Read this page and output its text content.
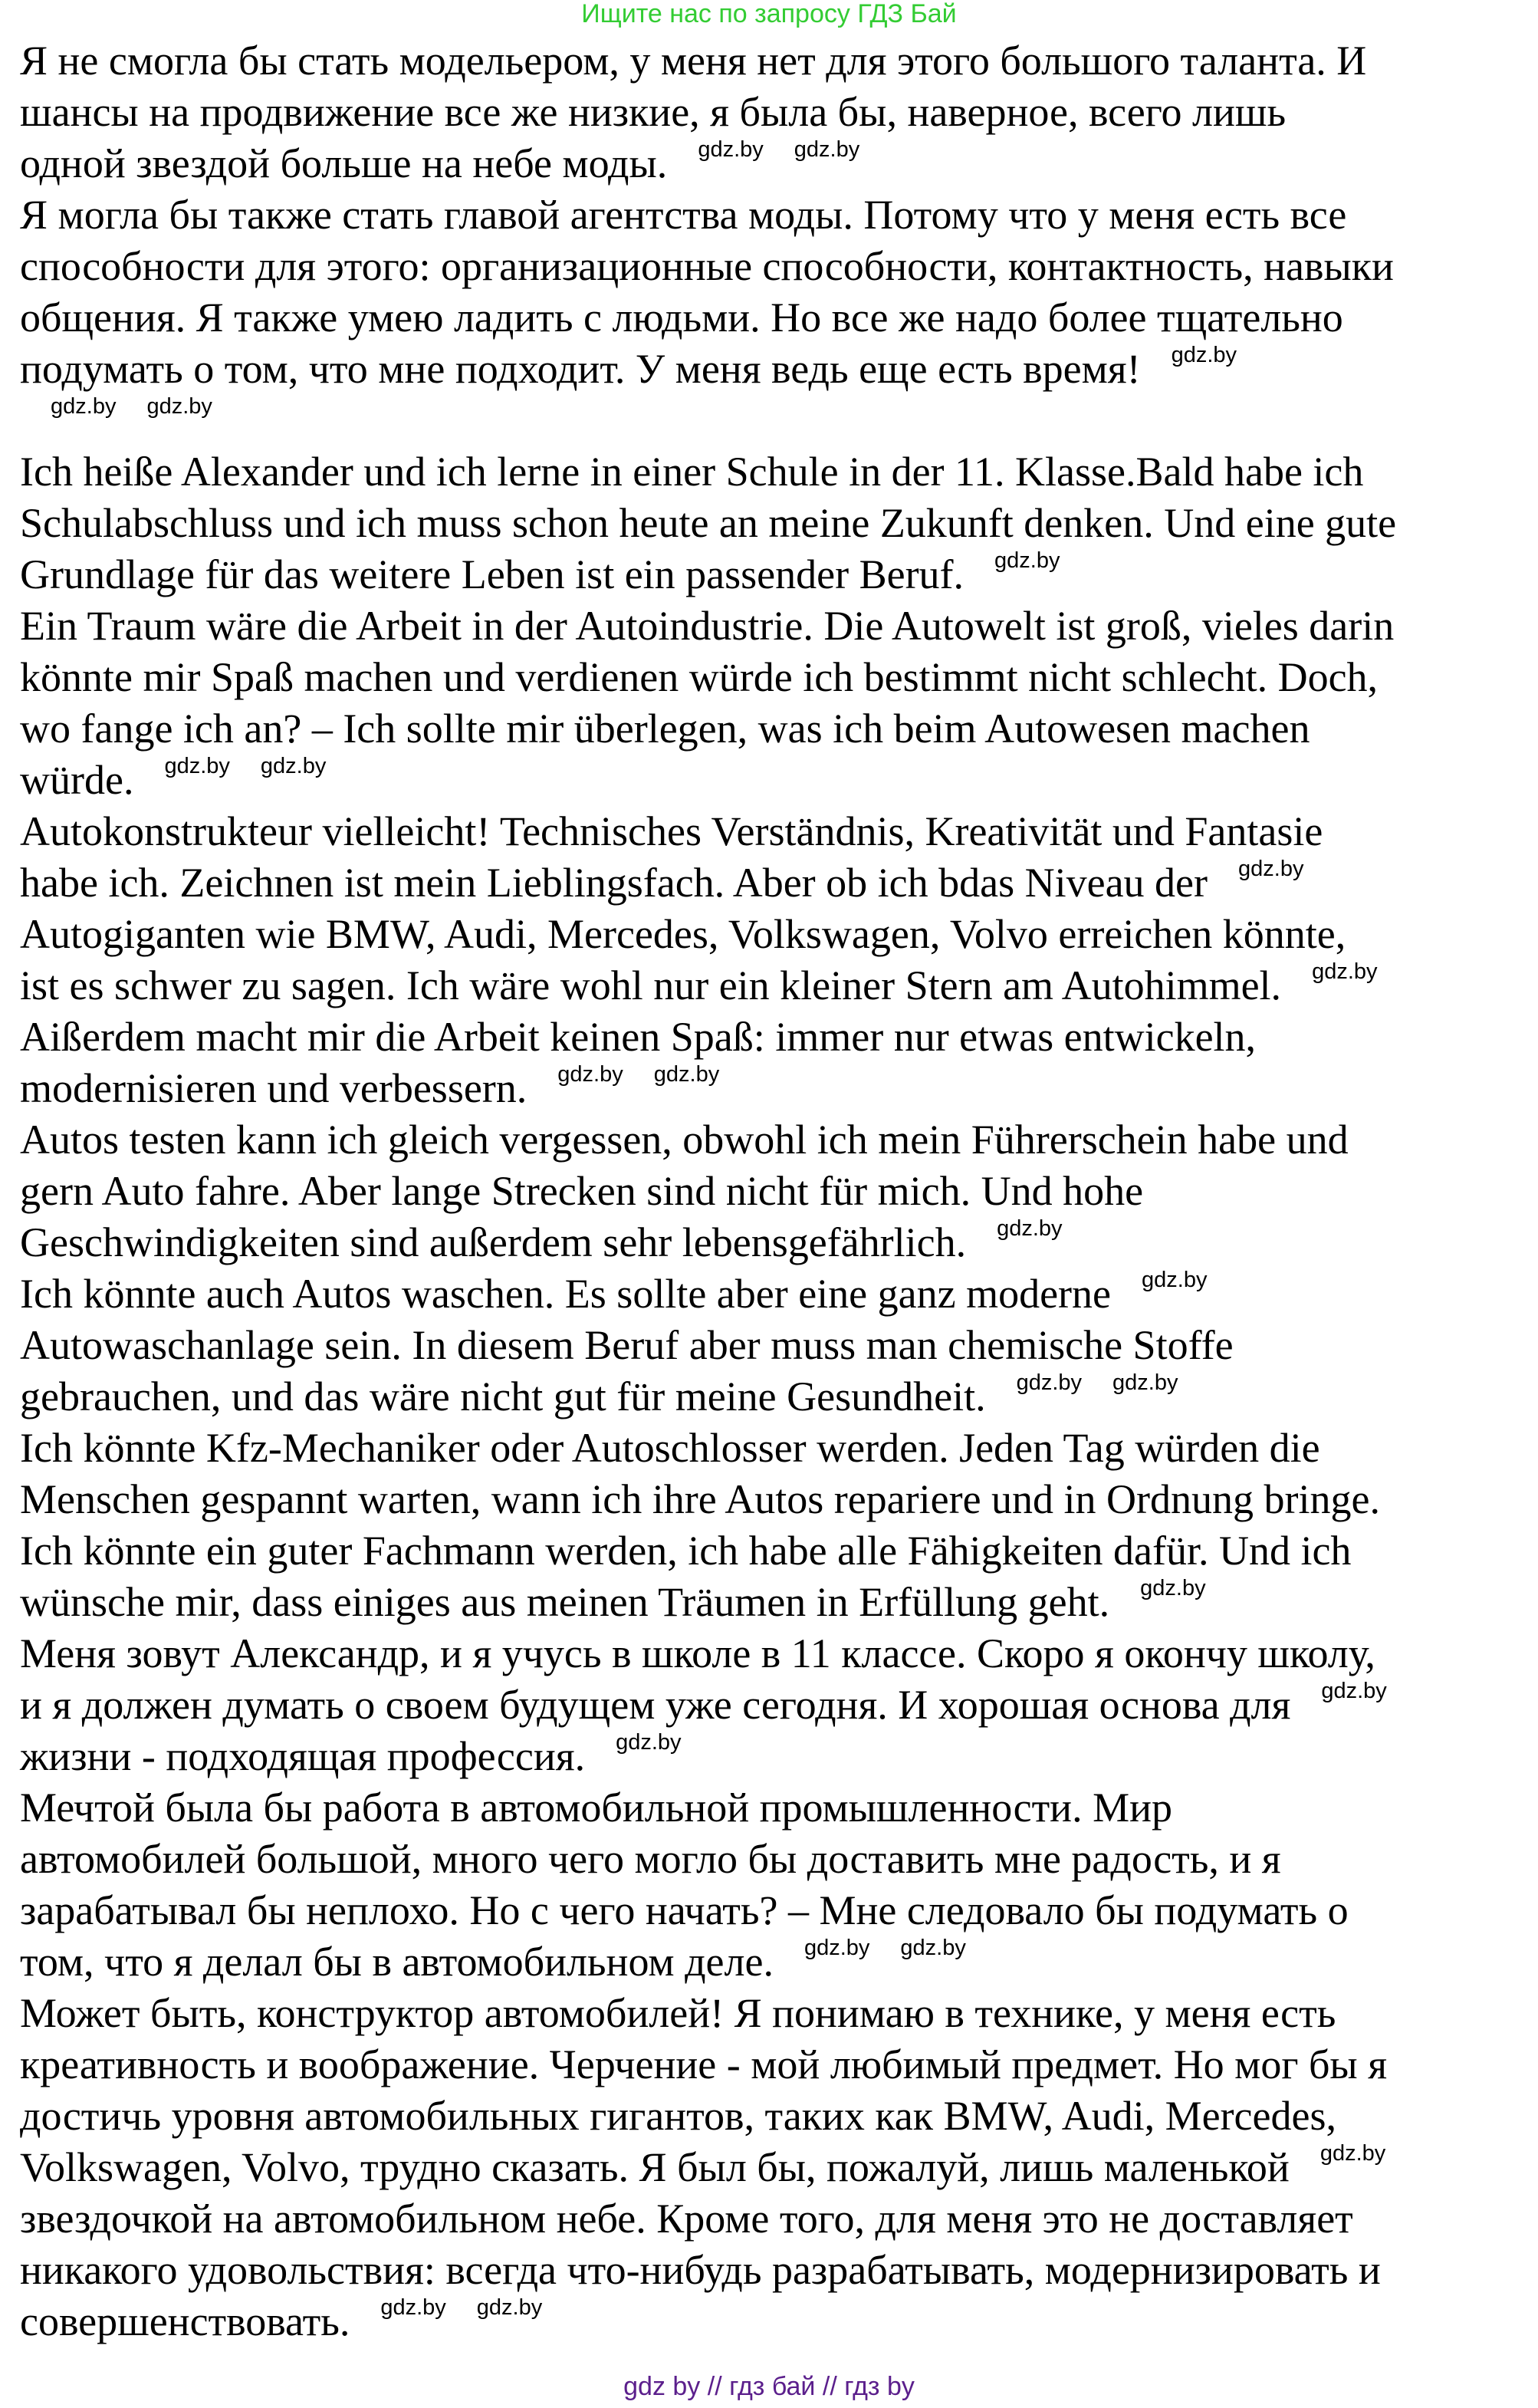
Ищите нас по запросу ГДЗ Бай
Я не смогла бы стать модельером, у меня нет для этого большого таланта. И
шансы на продвижение все же низкие, я была бы, наверное, всего лишь
одной звездой больше на небе моды. gdz.by gdz.by
Я могла бы также стать главой агентства моды. Потому что у меня есть все
способности для этого: организационные способности, контактность, навыки
общения. Я также умею ладить с людьми. Но все же надо более тщательно
подумать о том, что мне подходит. У меня ведь еще есть время! gdz.by
gdz.by gdz.by
Ich heiße Alexander und ich lerne in einer Schule in der 11. Klasse.Bald habe ich
Schulabschluss und ich muss schon heute an meine Zukunft denken. Und eine gute
Grundlage für das weitere Leben ist ein passender Beruf. gdz.by
Ein Traum wäre die Arbeit in der Autoindustrie. Die Autowelt ist groß, vieles darin
könnte mir Spaß machen und verdienen würde ich bestimmt nicht schlecht. Doch,
wo fange ich an? – Ich sollte mir überlegen, was ich beim Autowesen machen
würde. gdz.by gdz.by
Autokonstrukteur vielleicht! Technisches Verständnis, Kreativität und Fantasie
habe ich. Zeichnen ist mein Lieblingsfach. Aber ob ich bdas Niveau der gdz.by
Autogiganten wie BMW, Audi, Mercedes, Volkswagen, Volvo erreichen könnte,
ist es schwer zu sagen. Ich wäre wohl nur ein kleiner Stern am Autohimmel. gdz.by
Aißerdem macht mir die Arbeit keinen Spaß: immer nur etwas entwickeln,
modernisieren und verbessern. gdz.by gdz.by
Autos testen kann ich gleich vergessen, obwohl ich mein Führerschein habe und
gern Auto fahre. Aber lange Strecken sind nicht für mich. Und hohe
Geschwindigkeiten sind außerdem sehr lebensgefährlich. gdz.by
Ich könnte auch Autos waschen. Es sollte aber eine ganz moderne gdz.by
Autowaschanlage sein. In diesem Beruf aber muss man chemische Stoffe
gebrauchen, und das wäre nicht gut für meine Gesundheit. gdz.by gdz.by
Ich könnte Kfz-Mechaniker oder Autoschlosser werden. Jeden Tag würden die
Menschen gespannt warten, wann ich ihre Autos repariere und in Ordnung bringe.
Ich könnte ein guter Fachmann werden, ich habe alle Fähigkeiten dafür. Und ich
wünsche mir, dass einiges aus meinen Träumen in Erfüllung geht. gdz.by
Меня зовут Александр, и я учусь в школе в 11 классе. Скоро я окончу школу,
и я должен думать о своем будущем уже сегодня. И хорошая основа для gdz.by
жизни - подходящая профессия. gdz.by
Мечтой была бы работа в автомобильной промышленности. Мир
автомобилей большой, много чего могло бы доставить мне радость, и я
зарабатывал бы неплохо. Но с чего начать? – Мне следовало бы подумать о
том, что я делал бы в автомобильном деле. gdz.by gdz.by
Может быть, конструктор автомобилей! Я понимаю в технике, у меня есть
креативность и воображение. Черчение - мой любимый предмет. Но мог бы я
достичь уровня автомобильных гигантов, таких как BMW, Audi, Mercedes,
Volkswagen, Volvo, трудно сказать. Я был бы, пожалуй, лишь маленькой gdz.by
звездочкой на автомобильном небе. Кроме того, для меня это не доставляет
никакого удовольствия: всегда что-нибудь разрабатывать, модернизировать и
совершенствовать. gdz.by gdz.by
gdz by // гдз бай // гдз by
